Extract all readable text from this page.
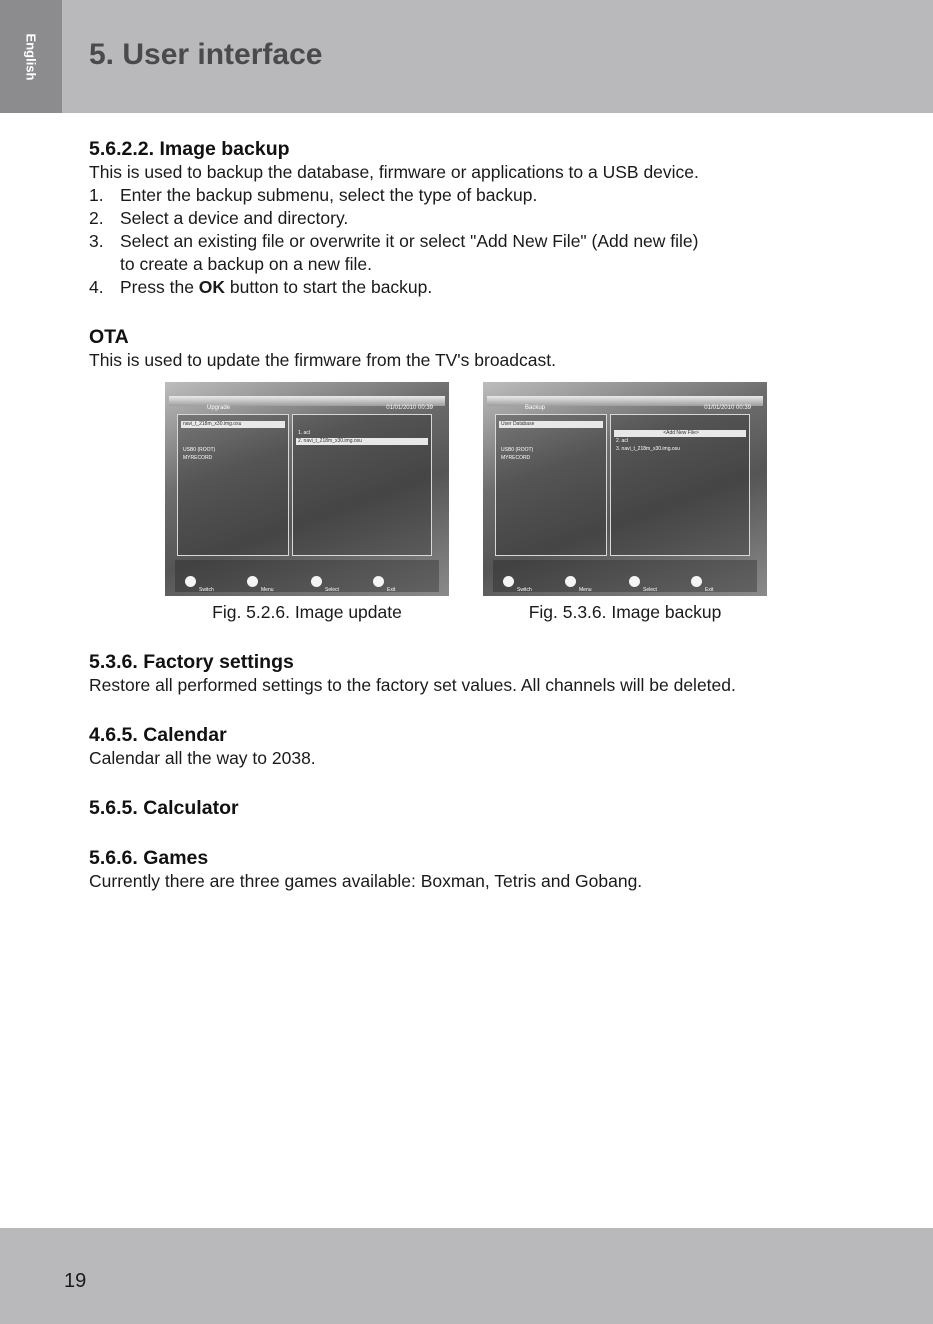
English 5. User interface
5.6.2.2. Image backup

This is used to backup the database, firmware or applications to a USB device.

1. Enter the backup submenu, select the type of backup.
2. Select a device and directory.
3. Select an existing file or overwrite it or select "Add New File" (Add new file)
to create a backup on a new file.
4. Press the OK button to start the backup.
OTA

This is used to update the firmware from the TV's broadcast.

Upgrade	01/01/2010 00:39
navi_t_218m_x30.img.osu
USB0 (ROOT)
MYRECORD
1. acl
2. navi_t_218m_x30.img.osu
Switch	Menu	Select	Exit
Fig. 5.2.6. Image update
Backup	01/01/2010 00:39
User Database
USB0 (ROOT)
MYRECORD
<Add New File>
2. acl
3. navi_t_218m_x30.img.osu
Switch	Menu	Select	Exit
Fig. 5.3.6. Image backup
5.3.6. Factory settings

Restore all performed settings to the factory set values. All channels will be deleted.

4.6.5. Calendar

Calendar all the way to 2038.

5.6.5. Calculator
5.6.6. Games

Currently there are three games available: Boxman, Tetris and Gobang.

19
